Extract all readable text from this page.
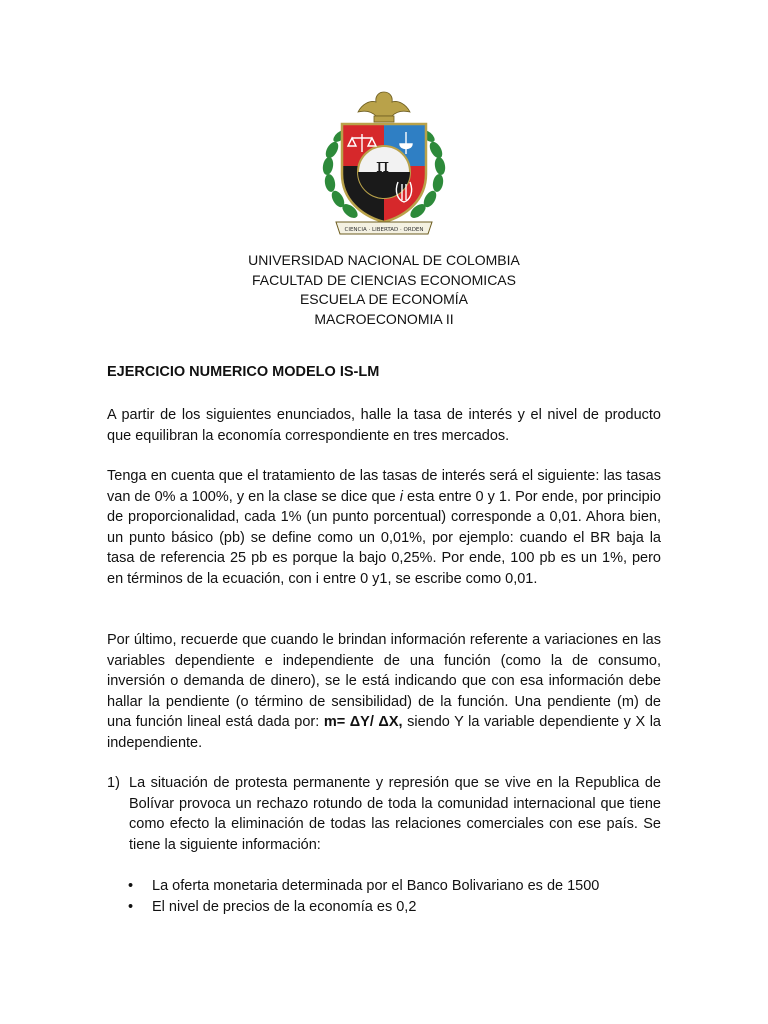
π
CIENCIA · LIBERTAD · ORDEN
UNIVERSIDAD NACIONAL DE COLOMBIA
FACULTAD DE CIENCIAS ECONOMICAS
ESCUELA DE ECONOMÍA
MACROECONOMIA II
EJERCICIO NUMERICO MODELO IS-LM

A partir de los siguientes enunciados, halle la tasa de interés y el nivel de producto que equilibran la economía correspondiente en tres mercados.

Tenga en cuenta que el tratamiento de las tasas de interés será el siguiente: las tasas van de 0% a 100%, y en la clase se dice que i esta entre 0 y 1. Por ende, por principio de proporcionalidad, cada 1% (un punto porcentual) corresponde a 0,01. Ahora bien, un punto básico (pb) se define como un 0,01%, por ejemplo: cuando el BR baja la tasa de referencia 25 pb es porque la bajo 0,25%. Por ende, 100 pb es un 1%, pero en términos de la ecuación, con i entre 0 y1, se escribe como 0,01.

Por último, recuerde que cuando le brindan información referente a variaciones en las variables dependiente e independiente de una función (como la de consumo, inversión o demanda de dinero), se le está indicando que con esa información debe hallar la pendiente (o término de sensibilidad) de la función. Una pendiente (m) de una función lineal está dada por: m= ΔY/ ΔX, siendo Y la variable dependiente y X la independiente.

1) La situación de protesta permanente y represión que se vive en la Republica de Bolívar provoca un rechazo rotundo de toda la comunidad internacional que tiene como efecto la eliminación de todas las relaciones comerciales con ese país. Se tiene la siguiente información:
• La oferta monetaria determinada por el Banco Bolivariano es de 1500
• El nivel de precios de la economía es 0,2
